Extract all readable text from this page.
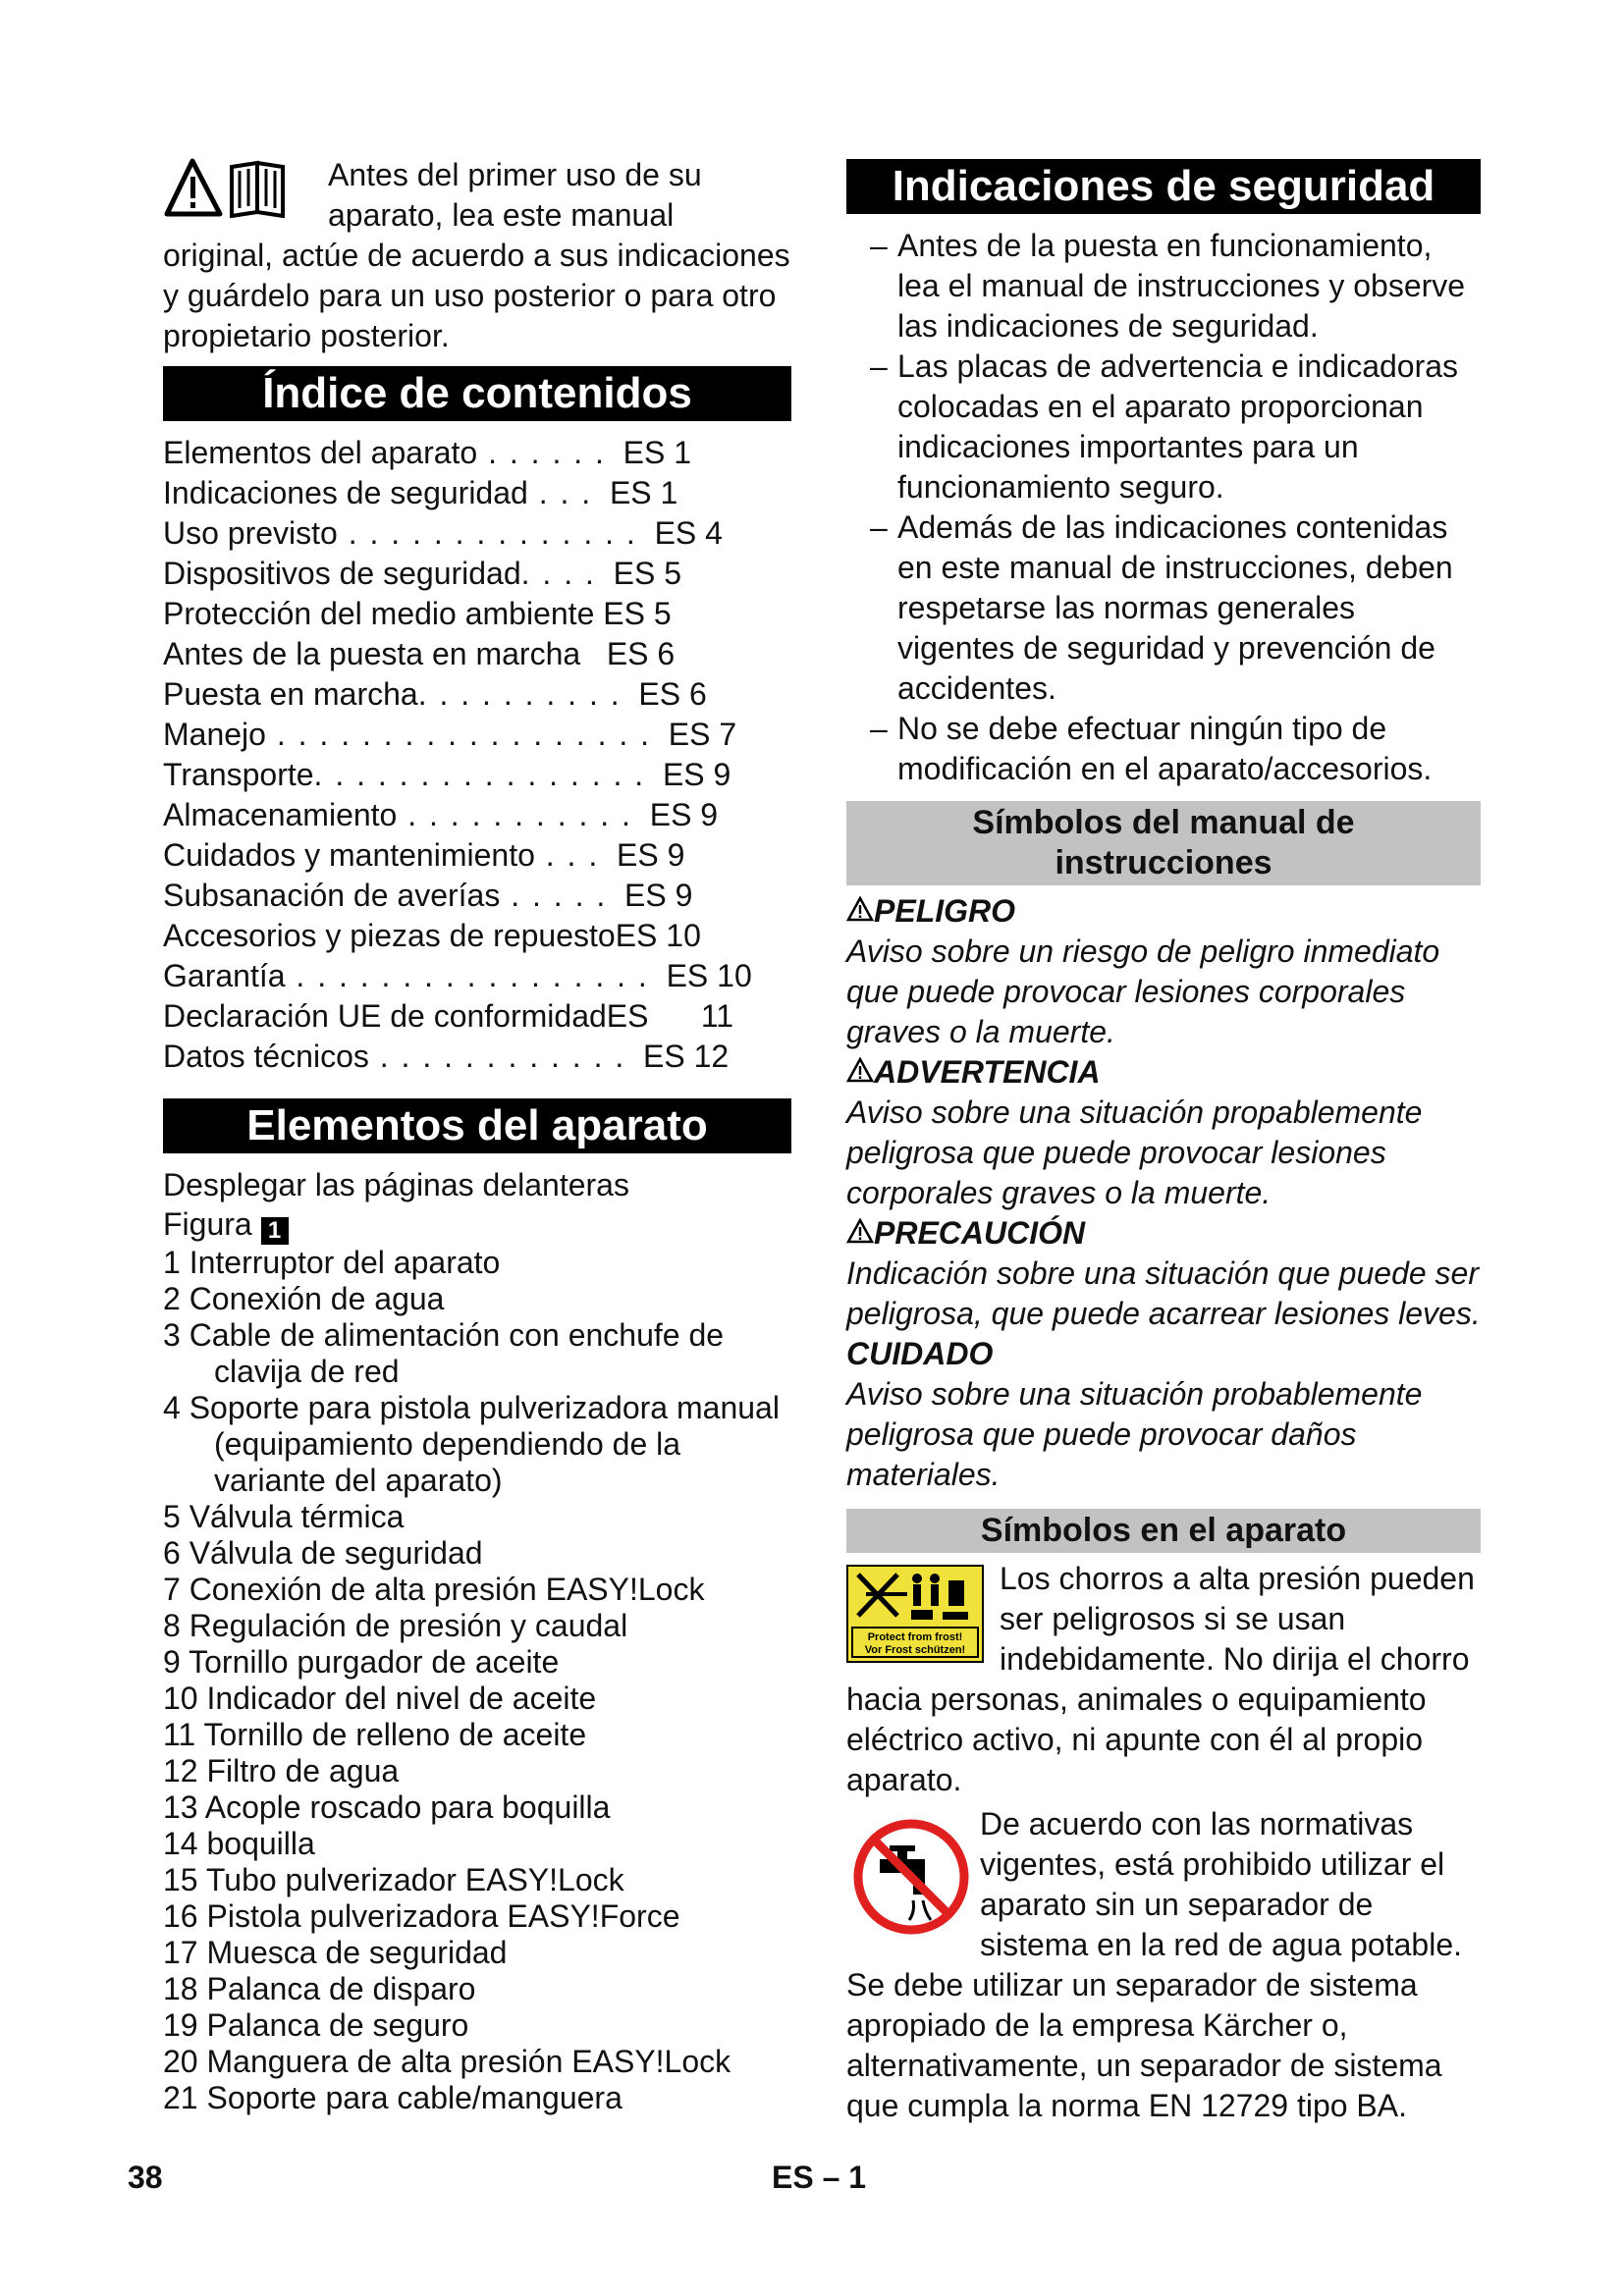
Antes del primer uso de su aparato, lea este manual original, actúe de acuerdo a sus indicaciones y guárdelo para un uso posterior o para otro propietario posterior.

Índice de contenidos
Elementos del aparato . . . . . . ES 1
Indicaciones de seguridad . . . ES 1
Uso previsto . . . . . . . . . . . . . . ES 4
Dispositivos de seguridad. . . . ES 5
Protección del medio ambiente ES 5
Antes de la puesta en marcha ES 6
Puesta en marcha. . . . . . . . . . ES 6
Manejo . . . . . . . . . . . . . . . . . . ES 7
Transporte. . . . . . . . . . . . . . . . ES 9
Almacenamiento . . . . . . . . . . . ES 9
Cuidados y mantenimiento . . . ES 9
Subsanación de averías . . . . . ES 9
Accesorios y piezas de repuestoES 10
Garantía . . . . . . . . . . . . . . . . . ES 10
Declaración UE de conformidadES      11
Datos técnicos . . . . . . . . . . . . ES 12
Elementos del aparato
Desplegar las páginas delanteras
Figura 1
1 Interruptor del aparato
2 Conexión de agua
3 Cable de alimentación con enchufe de clavija de red
4 Soporte para pistola pulverizadora manual (equipamiento dependiendo de la variante del aparato)
5 Válvula térmica
6 Válvula de seguridad
7 Conexión de alta presión EASY!Lock
8 Regulación de presión y caudal
9 Tornillo purgador de aceite
10 Indicador del nivel de aceite
11 Tornillo de relleno de aceite
12 Filtro de agua
13 Acople roscado para boquilla
14 boquilla
15 Tubo pulverizador EASY!Lock
16 Pistola pulverizadora EASY!Force
17 Muesca de seguridad
18 Palanca de disparo
19 Palanca de seguro
20 Manguera de alta presión EASY!Lock
21 Soporte para cable/manguera
Indicaciones de seguridad
– Antes de la puesta en funcionamiento, lea el manual de instrucciones y observe las indicaciones de seguridad.
– Las placas de advertencia e indicadoras colocadas en el aparato proporcionan indicaciones importantes para un funcionamiento seguro.
– Además de las indicaciones contenidas en este manual de instrucciones, deben respetarse las normas generales vigentes de seguridad y prevención de accidentes.
– No se debe efectuar ningún tipo de modificación en el aparato/accesorios.
Símbolos del manual de instrucciones
PELIGRO
Aviso sobre un riesgo de peligro inmediato que puede provocar lesiones corporales graves o la muerte.
ADVERTENCIA
Aviso sobre una situación propablemente peligrosa que puede provocar lesiones corporales graves o la muerte.
PRECAUCIÓN
Indicación sobre una situación que puede ser peligrosa, que puede acarrear lesiones leves.
CUIDADO
Aviso sobre una situación probablemente peligrosa que puede provocar daños materiales.
Símbolos en el aparato
Protect from frost!
Vor Frost schützen!
Los chorros a alta presión pueden ser peligrosos si se usan indebidamente. No dirija el chorro hacia personas, animales o equipamiento eléctrico activo, ni apunte con él al propio aparato.
De acuerdo con las normativas vigentes, está prohibido utilizar el aparato sin un separador de sistema en la red de agua potable. Se debe utilizar un separador de sistema apropiado de la empresa Kärcher o, alternativamente, un separador de sistema que cumpla la norma EN 12729 tipo BA.
38	ES – 1
